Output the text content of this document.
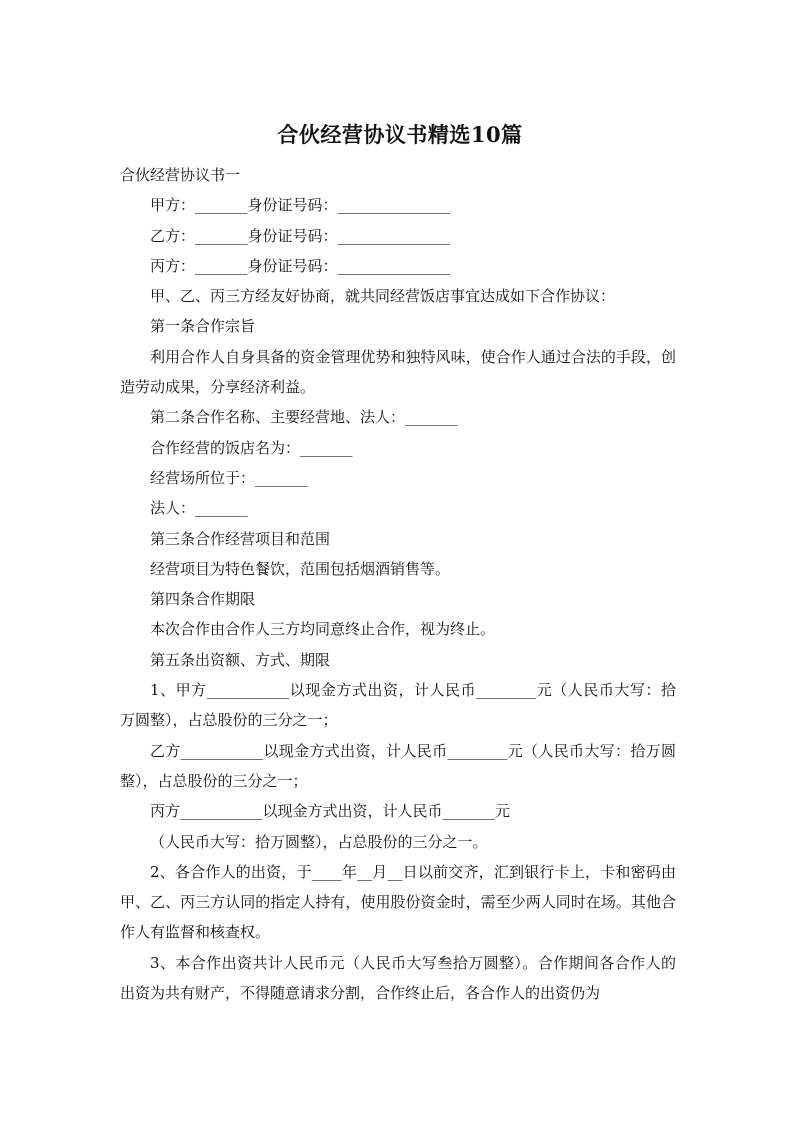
合伙经营协议书精选10篇

合伙经营协议书一

甲方：_______身份证号码：_______________

乙方：_______身份证号码：_______________

丙方：_______身份证号码：_______________

甲、乙、丙三方经友好协商，就共同经营饭店事宜达成如下合作协议：

第一条合作宗旨

利用合作人自身具备的资金管理优势和独特风味，使合作人通过合法的手段，创造劳动成果，分享经济利益。

第二条合作名称、主要经营地、法人：_______

合作经营的饭店名为：_______

经营场所位于：_______

法人：_______

第三条合作经营项目和范围

经营项目为特色餐饮，范围包括烟酒销售等。

第四条合作期限

本次合作由合作人三方均同意终止合作，视为终止。

第五条出资额、方式、期限

1、甲方___________以现金方式出资，计人民币________元（人民币大写：拾万圆整），占总股份的三分之一；

乙方___________以现金方式出资，计人民币________元（人民币大写：拾万圆整），占总股份的三分之一；

丙方___________以现金方式出资，计人民币_______元

（人民币大写：拾万圆整），占总股份的三分之一。

2、各合作人的出资，于____年__月__日以前交齐，汇到银行卡上，卡和密码由甲、乙、丙三方认同的指定人持有，使用股份资金时，需至少两人同时在场。其他合作人有监督和核查权。

3、本合作出资共计人民币元（人民币大写叁拾万圆整）。合作期间各合作人的出资为共有财产，不得随意请求分割，合作终止后，各合作人的出资仍为
